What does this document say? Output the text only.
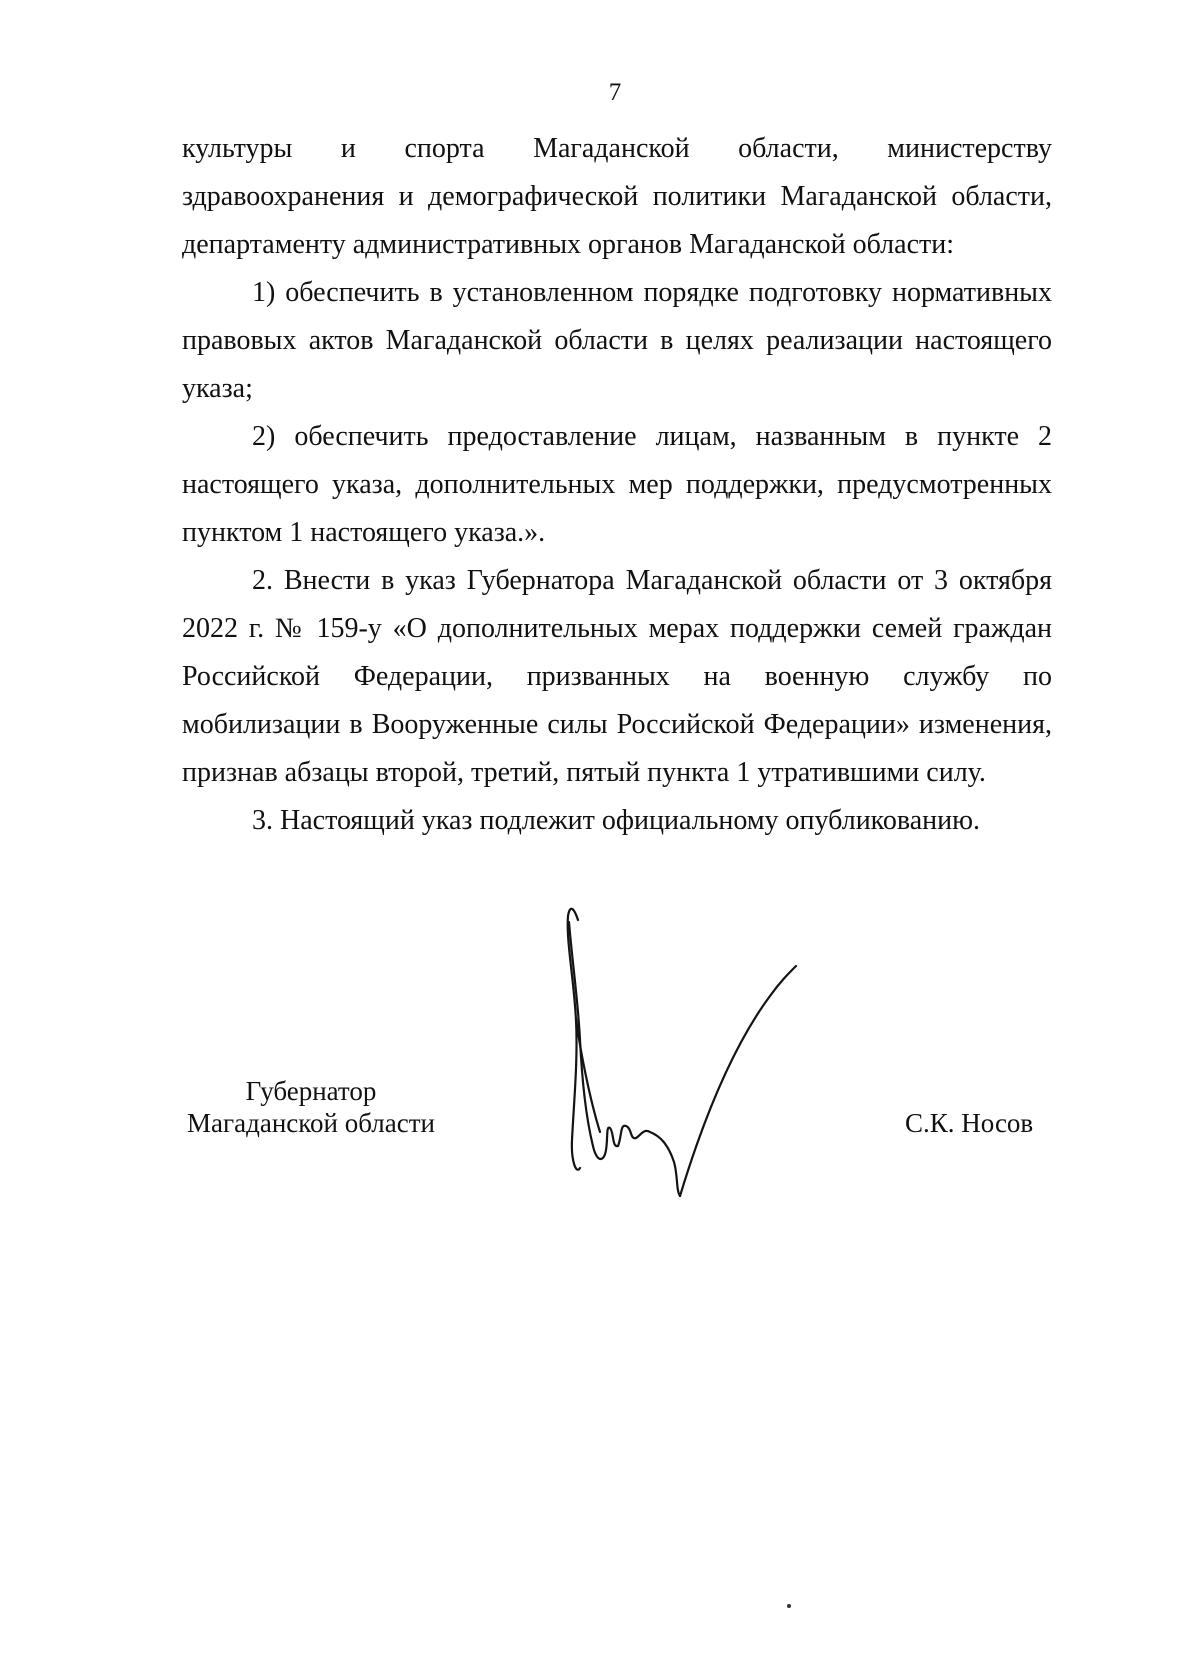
7

культуры и спорта Магаданской области, министерству здравоохранения и демографической политики Магаданской области, департаменту административных органов Магаданской области:

1) обеспечить в установленном порядке подготовку нормативных правовых актов Магаданской области в целях реализации настоящего указа;

2) обеспечить предоставление лицам, названным в пункте 2 настоящего указа, дополнительных мер поддержки, предусмотренных пунктом 1 настоящего указа.».

2. Внести в указ Губернатора Магаданской области от 3 октября 2022 г. № 159-у «О дополнительных мерах поддержки семей граждан Российской Федерации, призванных на военную службу по мобилизации в Вооруженные силы Российской Федерации» изменения, признав абзацы второй, третий, пятый пункта 1 утратившими силу.

3. Настоящий указ подлежит официальному опубликованию.

Губернатор
Магаданской области	С.К. Носов
